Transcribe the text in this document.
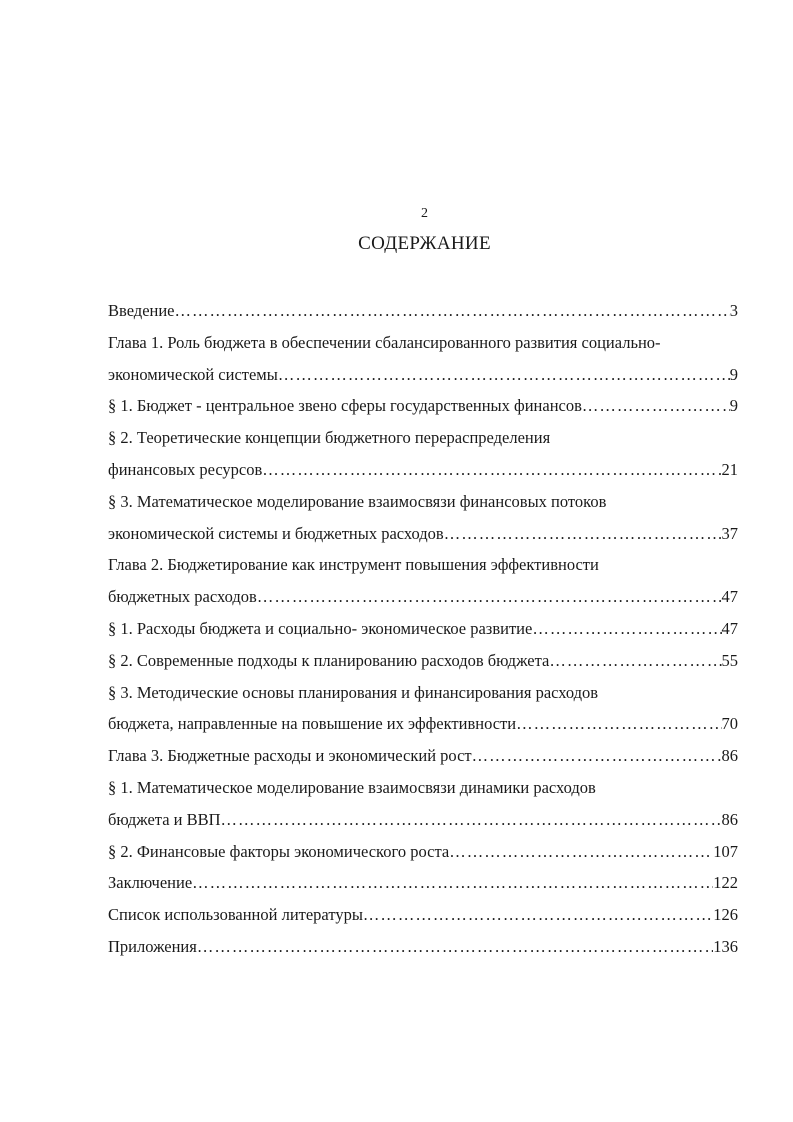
2
СОДЕРЖАНИЕ
Введение …………………………………………………………………………………………………………………………………………………………………	3
Глава 1. Роль бюджета в обеспечении сбалансированного развития социально-
экономической системы …………………………………………………………………………………………………………………………………………………………………	9
§ 1. Бюджет - центральное звено сферы государственных финансов …………………………………………………………………………………………………………………………………………………………………	9
§ 2. Теоретические концепции бюджетного перераспределения
финансовых ресурсов …………………………………………………………………………………………………………………………………………………………………	21
§ 3. Математическое моделирование взаимосвязи финансовых потоков
экономической системы и бюджетных расходов …………………………………………………………………………………………………………………………………………………………………	37
Глава 2. Бюджетирование как инструмент повышения эффективности
бюджетных расходов …………………………………………………………………………………………………………………………………………………………………	47
§ 1. Расходы бюджета и социально- экономическое развитие …………………………………………………………………………………………………………………………………………………………………	47
§ 2. Современные подходы к планированию расходов бюджета …………………………………………………………………………………………………………………………………………………………………	55
§ 3. Методические основы планирования и финансирования расходов
бюджета, направленные на повышение их эффективности …………………………………………………………………………………………………………………………………………………………………	70
Глава 3. Бюджетные расходы и экономический рост …………………………………………………………………………………………………………………………………………………………………	86
§ 1. Математическое моделирование взаимосвязи динамики расходов
бюджета и ВВП …………………………………………………………………………………………………………………………………………………………………	86
§ 2. Финансовые факторы экономического роста …………………………………………………………………………………………………………………………………………………………………	107
Заключение …………………………………………………………………………………………………………………………………………………………………	122
Список использованной литературы …………………………………………………………………………………………………………………………………………………………………	126
Приложения …………………………………………………………………………………………………………………………………………………………………	136
